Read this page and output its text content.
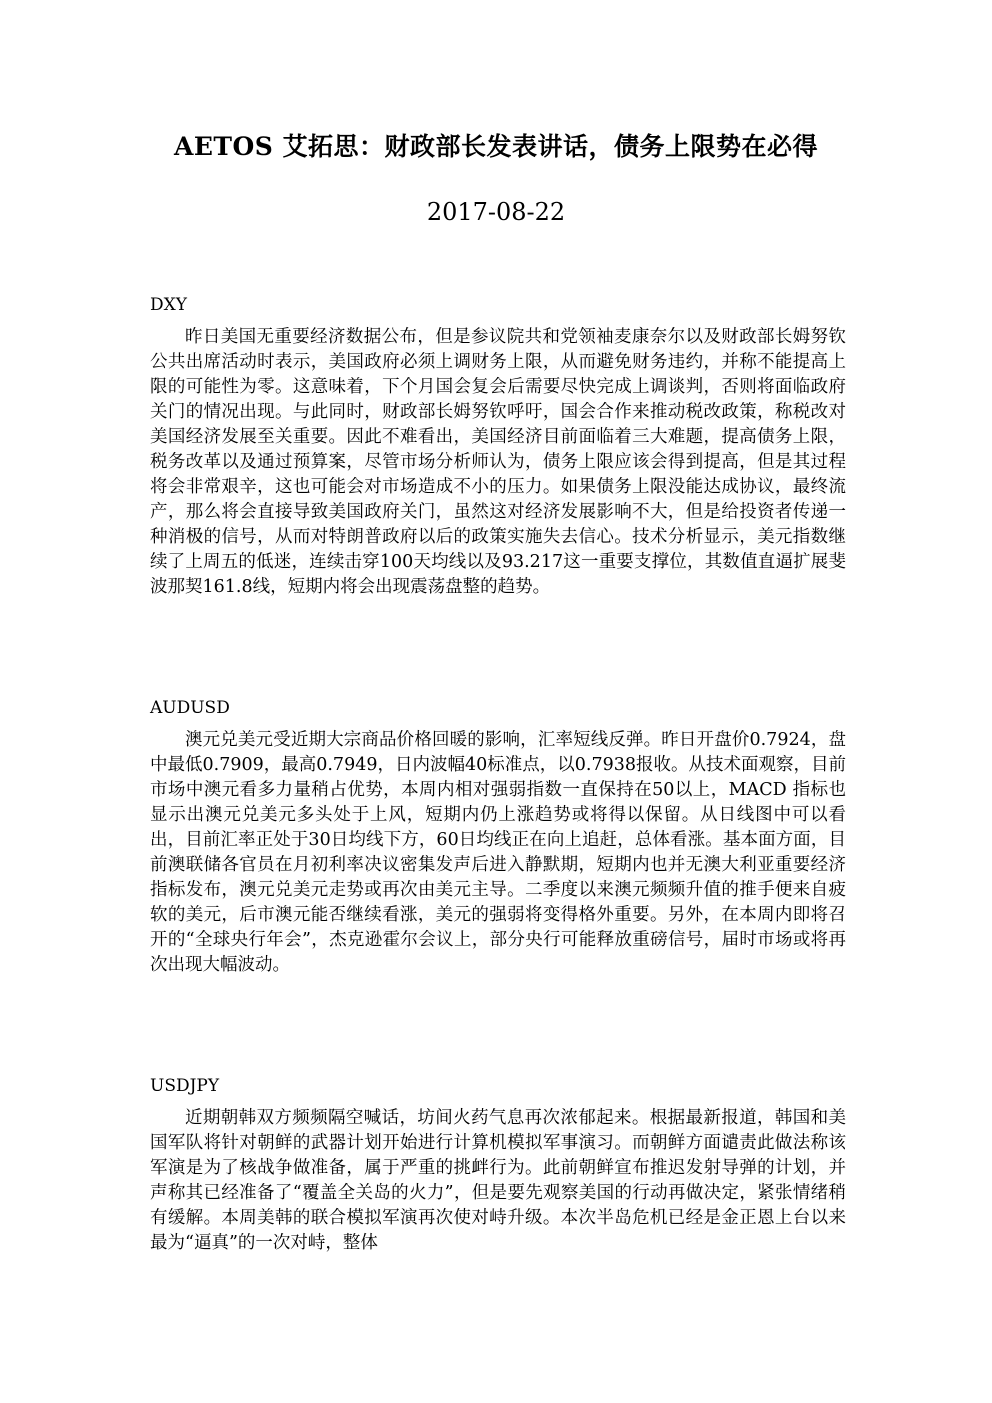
AETOS 艾拓思：财政部长发表讲话，债务上限势在必得
2017-08-22
DXY

昨日美国无重要经济数据公布，但是参议院共和党领袖麦康奈尔以及财政部长姆努钦公共出席活动时表示，美国政府必须上调财务上限，从而避免财务违约，并称不能提高上限的可能性为零。这意味着，下个月国会复会后需要尽快完成上调谈判，否则将面临政府关门的情况出现。与此同时，财政部长姆努钦呼吁，国会合作来推动税改政策，称税改对美国经济发展至关重要。因此不难看出，美国经济目前面临着三大难题，提高债务上限，税务改革以及通过预算案，尽管市场分析师认为，债务上限应该会得到提高，但是其过程将会非常艰辛，这也可能会对市场造成不小的压力。如果债务上限没能达成协议，最终流产，那么将会直接导致美国政府关门，虽然这对经济发展影响不大，但是给投资者传递一种消极的信号，从而对特朗普政府以后的政策实施失去信心。技术分析显示，美元指数继续了上周五的低迷，连续击穿100天均线以及93.217这一重要支撑位，其数值直逼扩展斐波那契161.8线，短期内将会出现震荡盘整的趋势。

AUDUSD

澳元兑美元受近期大宗商品价格回暖的影响，汇率短线反弹。昨日开盘价0.7924，盘中最低0.7909，最高0.7949，日内波幅40标准点，以0.7938报收。从技术面观察，目前市场中澳元看多力量稍占优势，本周内相对强弱指数一直保持在50以上，MACD 指标也显示出澳元兑美元多头处于上风，短期内仍上涨趋势或将得以保留。从日线图中可以看出，目前汇率正处于30日均线下方，60日均线正在向上追赶，总体看涨。基本面方面，目前澳联储各官员在月初利率决议密集发声后进入静默期，短期内也并无澳大利亚重要经济指标发布，澳元兑美元走势或再次由美元主导。二季度以来澳元频频升值的推手便来自疲软的美元，后市澳元能否继续看涨，美元的强弱将变得格外重要。另外，在本周内即将召开的“全球央行年会”，杰克逊霍尔会议上，部分央行可能释放重磅信号，届时市场或将再次出现大幅波动。

USDJPY

近期朝韩双方频频隔空喊话，坊间火药气息再次浓郁起来。根据最新报道，韩国和美国军队将针对朝鲜的武器计划开始进行计算机模拟军事演习。而朝鲜方面谴责此做法称该军演是为了核战争做准备，属于严重的挑衅行为。此前朝鲜宣布推迟发射导弹的计划，并声称其已经准备了“覆盖全关岛的火力”，但是要先观察美国的行动再做决定，紧张情绪稍有缓解。本周美韩的联合模拟军演再次使对峙升级。本次半岛危机已经是金正恩上台以来最为“逼真”的一次对峙，整体
